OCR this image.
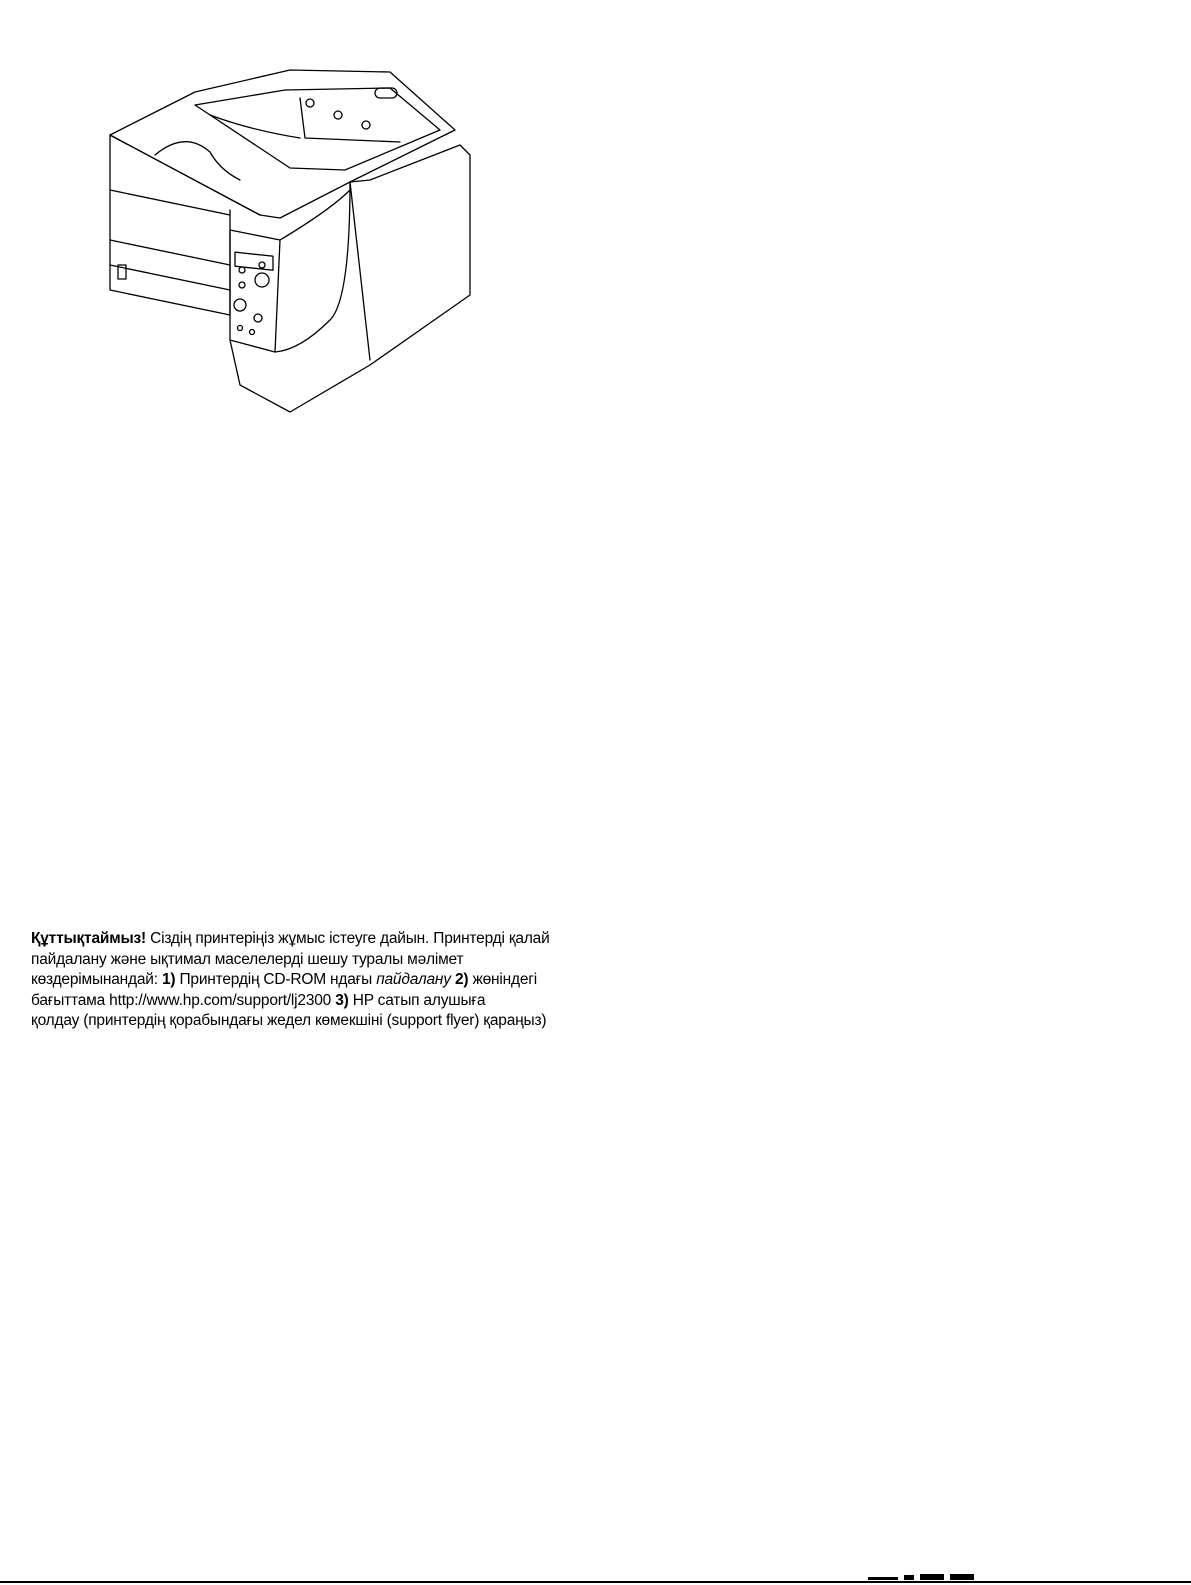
Құттықтаймыз! Сіздің принтеріңіз жұмыс істеуге дайын. Принтерді қалай
пайдалану және ықтимал маселелерді шешу туралы мәлімет
көздерімынандай: 1) Принтердің CD-ROM ндағы пайдалану 2) жөніндегі
бағыттама http://www.hp.com/support/lj2300 3) HP сатып алушыға
қолдау (принтердің қорабындағы жедел көмекшіні (support flyer) қараңыз)
